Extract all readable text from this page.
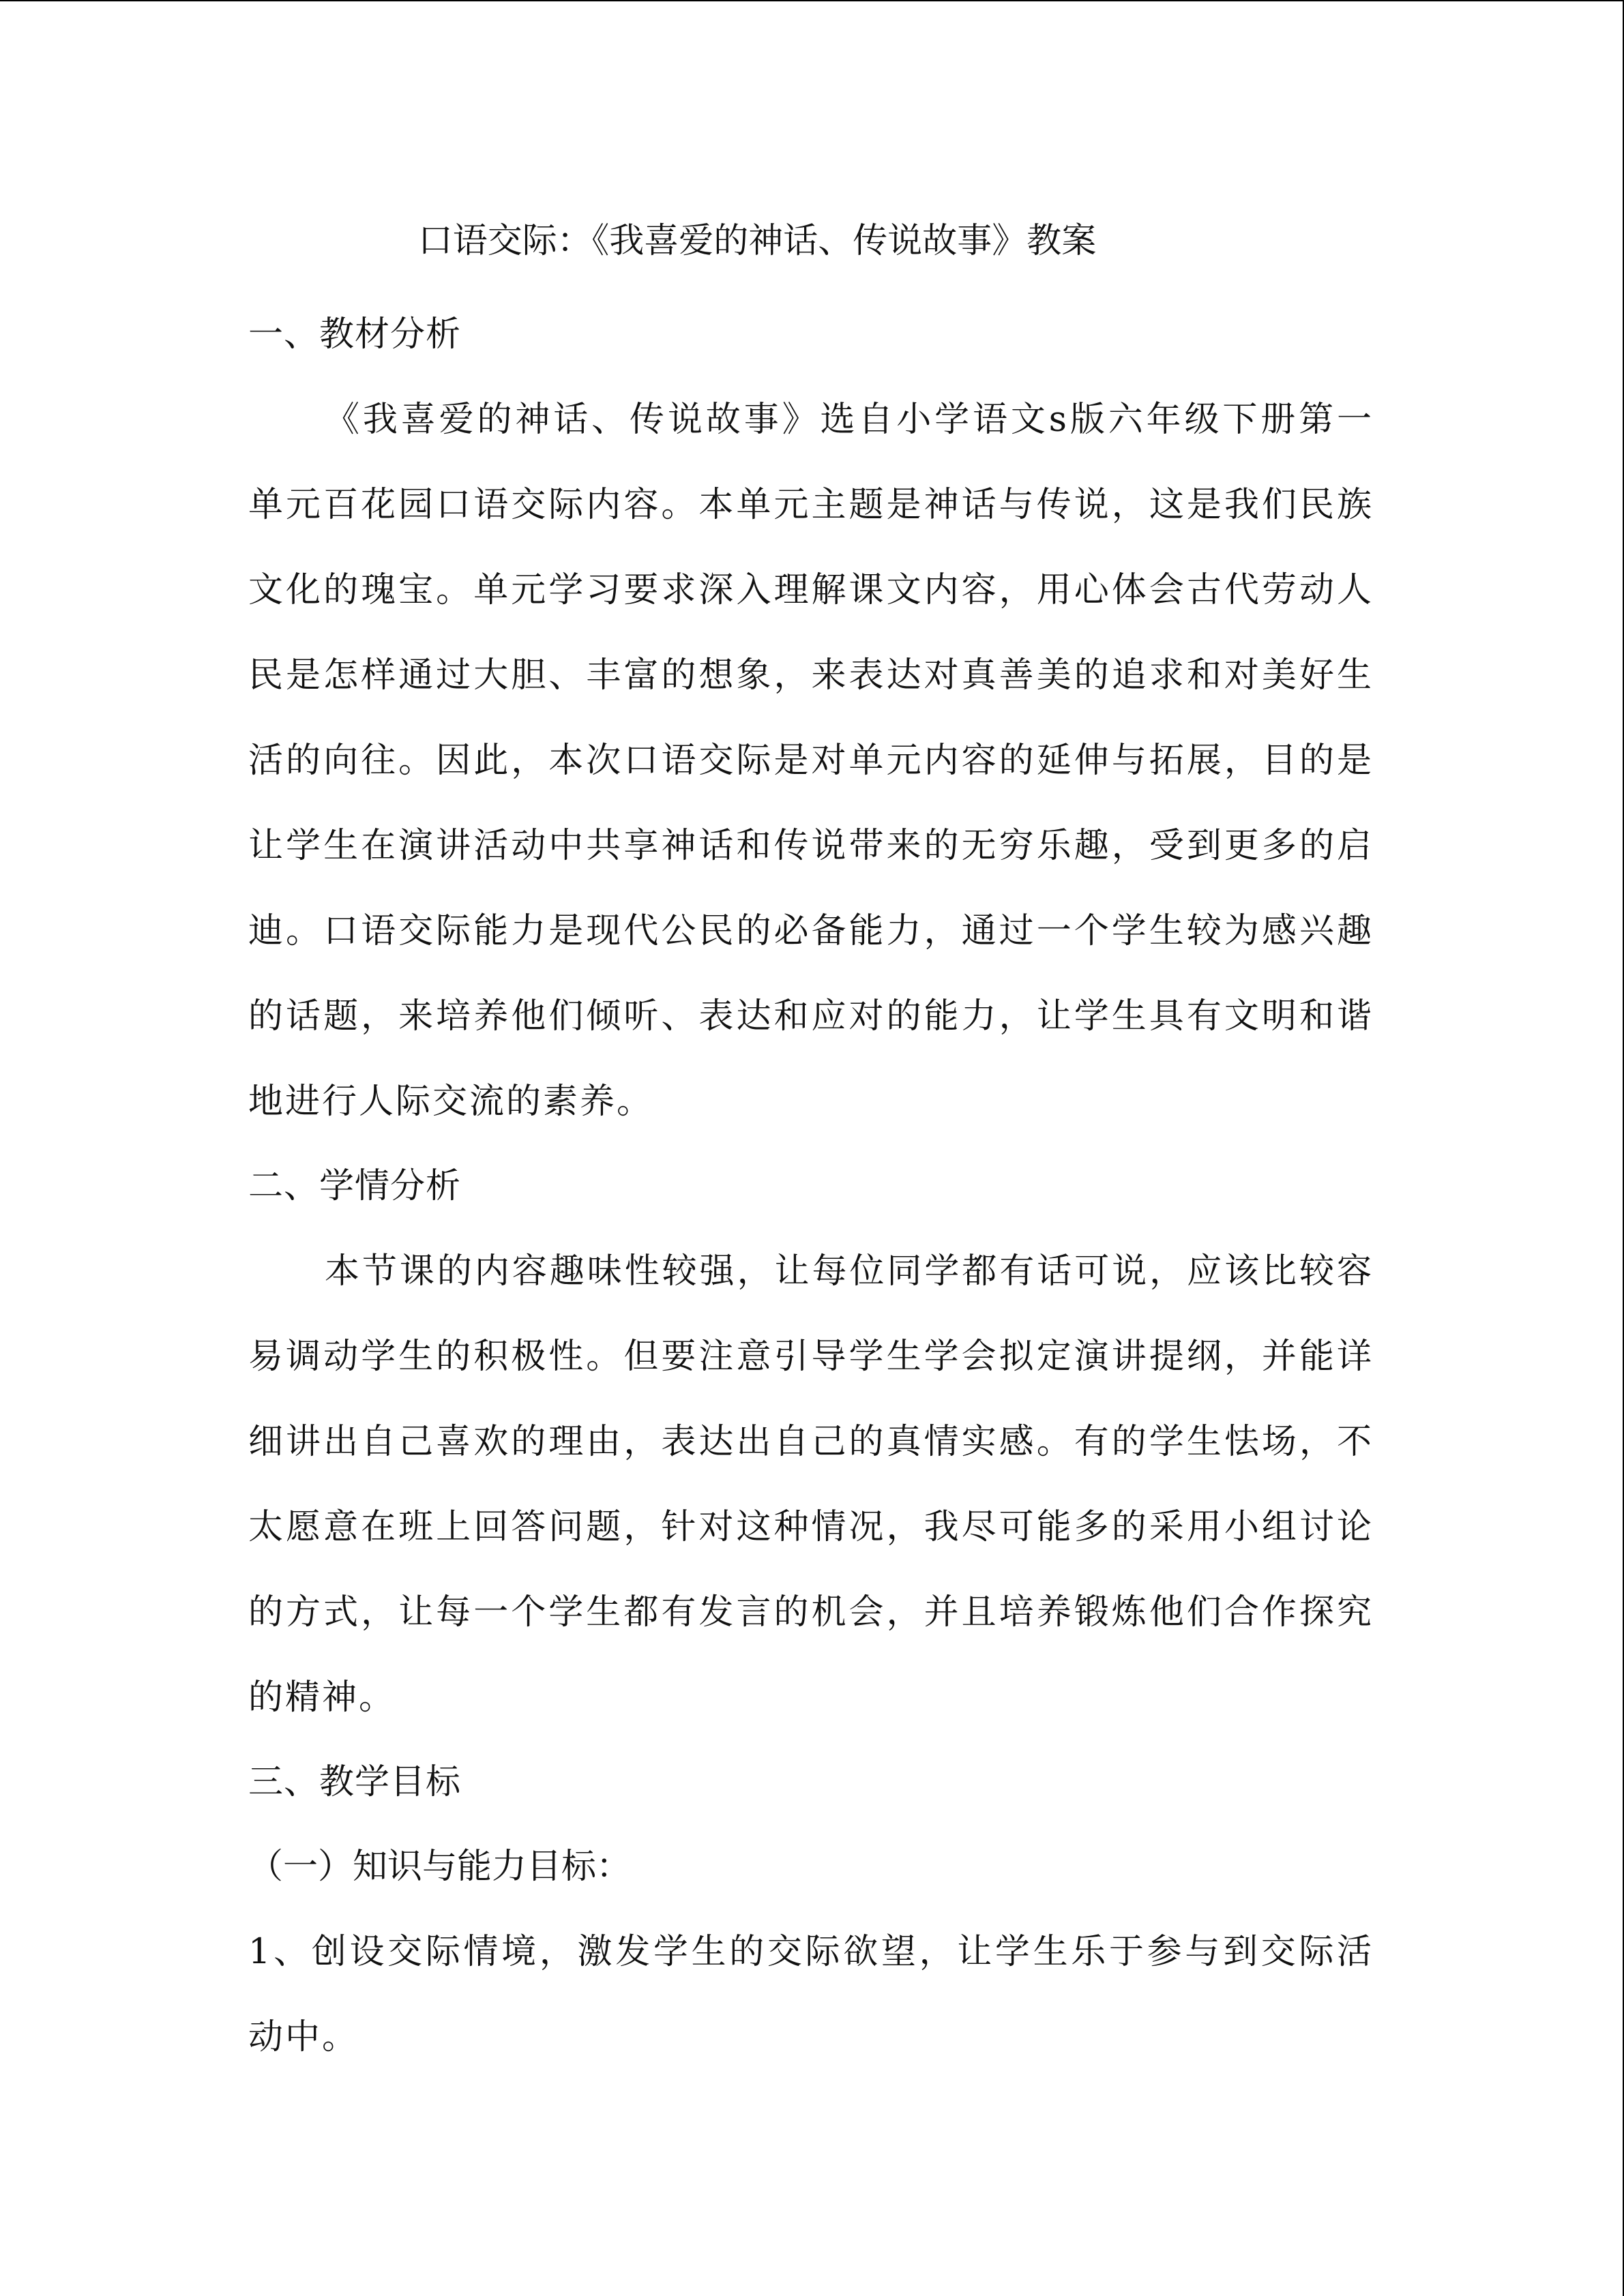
口语交际：《我喜爱的神话、传说故事》教案

一、教材分析

《我喜爱的神话、传说故事》选自小学语文s版六年级下册第一单元百花园口语交际内容。本单元主题是神话与传说，这是我们民族文化的瑰宝。单元学习要求深入理解课文内容，用心体会古代劳动人民是怎样通过大胆、丰富的想象，来表达对真善美的追求和对美好生活的向往。因此，本次口语交际是对单元内容的延伸与拓展，目的是让学生在演讲活动中共享神话和传说带来的无穷乐趣，受到更多的启迪。口语交际能力是现代公民的必备能力，通过一个学生较为感兴趣的话题，来培养他们倾听、表达和应对的能力，让学生具有文明和谐地进行人际交流的素养。

二、学情分析

本节课的内容趣味性较强，让每位同学都有话可说，应该比较容易调动学生的积极性。但要注意引导学生学会拟定演讲提纲，并能详细讲出自己喜欢的理由，表达出自己的真情实感。有的学生怯场，不太愿意在班上回答问题，针对这种情况，我尽可能多的采用小组讨论的方式，让每一个学生都有发言的机会，并且培养锻炼他们合作探究的精神。

三、教学目标

（一）知识与能力目标：

1、创设交际情境，激发学生的交际欲望，让学生乐于参与到交际活动中。
